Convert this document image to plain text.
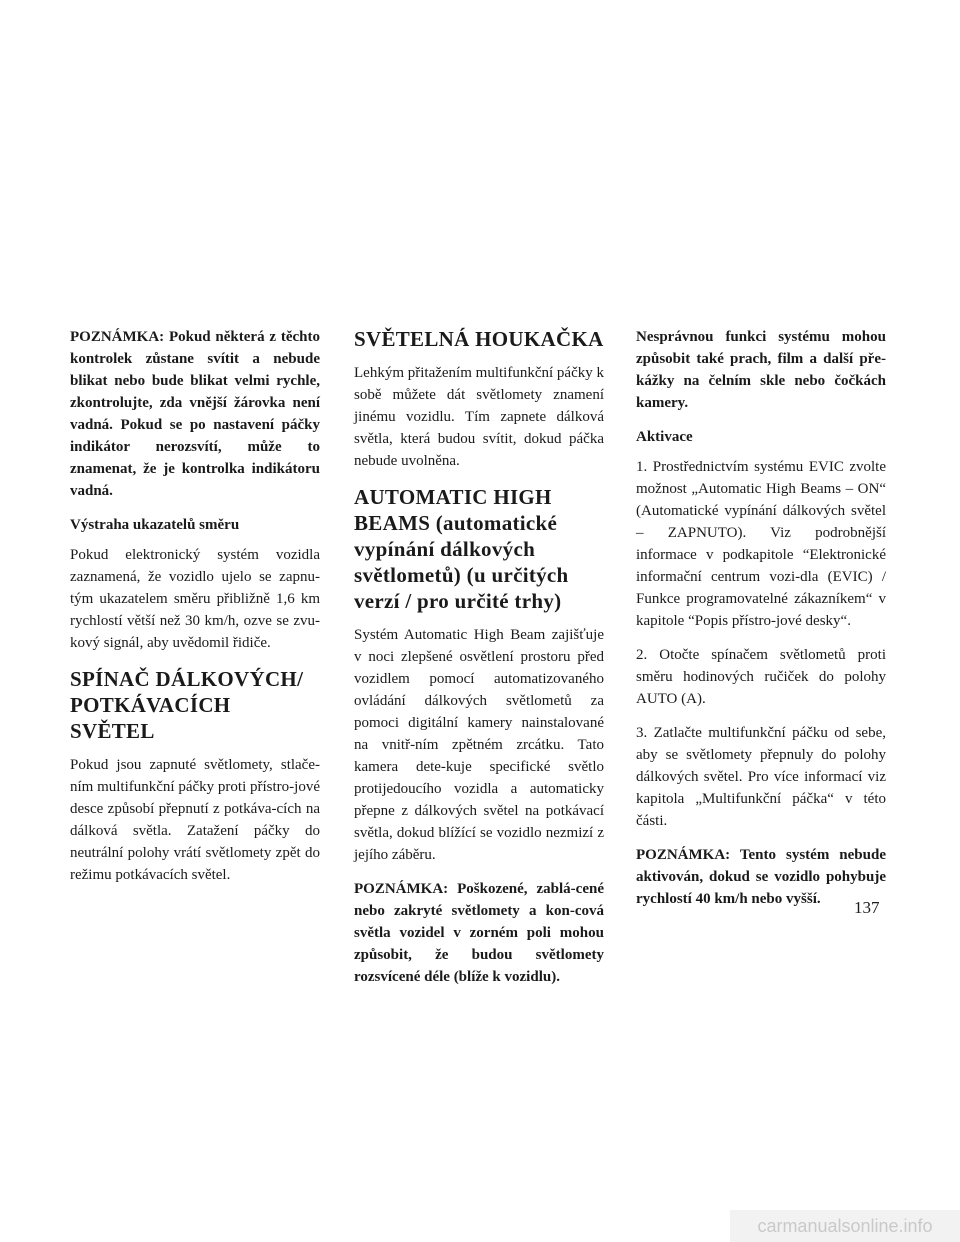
POZNÁMKA: Pokud některá z těchto kontrolek zůstane svítit a nebude blikat nebo bude blikat velmi rychle, zkontrolujte, zda vnější žárovka není vadná. Pokud se po nastavení páčky indikátor nerozsvítí, může to znamenat, že je kontrolka indikátoru vadná.

Výstraha ukazatelů směru

Pokud elektronický systém vozidla zaznamená, že vozidlo ujelo se zapnu-tým ukazatelem směru přibližně 1,6 km rychlostí větší než 30 km/h, ozve se zvu-kový signál, aby uvědomil řidiče.

SPÍNAČ DÁLKOVÝCH/ POTKÁVACÍCH SVĚTEL

Pokud jsou zapnuté světlomety, stlače-ním multifunkční páčky proti přístro-jové desce způsobí přepnutí z potkáva-cích na dálková světla. Zatažení páčky do neutrální polohy vrátí světlomety zpět do režimu potkávacích světel.

SVĚTELNÁ HOUKAČKA

Lehkým přitažením multifunkční páčky k sobě můžete dát světlomety znamení jinému vozidlu. Tím zapnete dálková světla, která budou svítit, dokud páčka nebude uvolněna.

AUTOMATIC HIGH BEAMS (automatické vypínání dálkových světlometů) (u určitých verzí / pro určité trhy)

Systém Automatic High Beam zajišťuje v noci zlepšené osvětlení prostoru před vozidlem pomocí automatizovaného ovládání dálkových světlometů za pomoci digitální kamery nainstalované na vnitř-ním zpětném zrcátku. Tato kamera dete-kuje specifické světlo protijedoucího vozidla a automaticky přepne z dálkových světel na potkávací světla, dokud blížící se vozidlo nezmizí z jejího záběru.

POZNÁMKA: Poškozené, zablá-cené nebo zakryté světlomety a kon-cová světla vozidel v zorném poli mohou způsobit, že budou světlomety rozsvícené déle (blíže k vozidlu).

Nesprávnou funkci systému mohou způsobit také prach, film a další pře-kážky na čelním skle nebo čočkách kamery.

Aktivace

1. Prostřednictvím systému EVIC zvolte možnost „Automatic High Beams – ON“ (Automatické vypínání dálkových světel – ZAPNUTO). Viz podrobnější informace v podkapitole “Elektronické informační centrum vozi-dla (EVIC) / Funkce programovatelné zákazníkem“ v kapitole “Popis přístro-jové desky“.

2. Otočte spínačem světlometů proti směru hodinových ručiček do polohy AUTO (A).

3. Zatlačte multifunkční páčku od sebe, aby se světlomety přepnuly do polohy dálkových světel. Pro více informací viz kapitola „Multifunkční páčka“ v této části.

POZNÁMKA: Tento systém nebude aktivován, dokud se vozidlo pohybuje rychlostí 40 km/h nebo vyšší.	137
carmanualsonline.info
